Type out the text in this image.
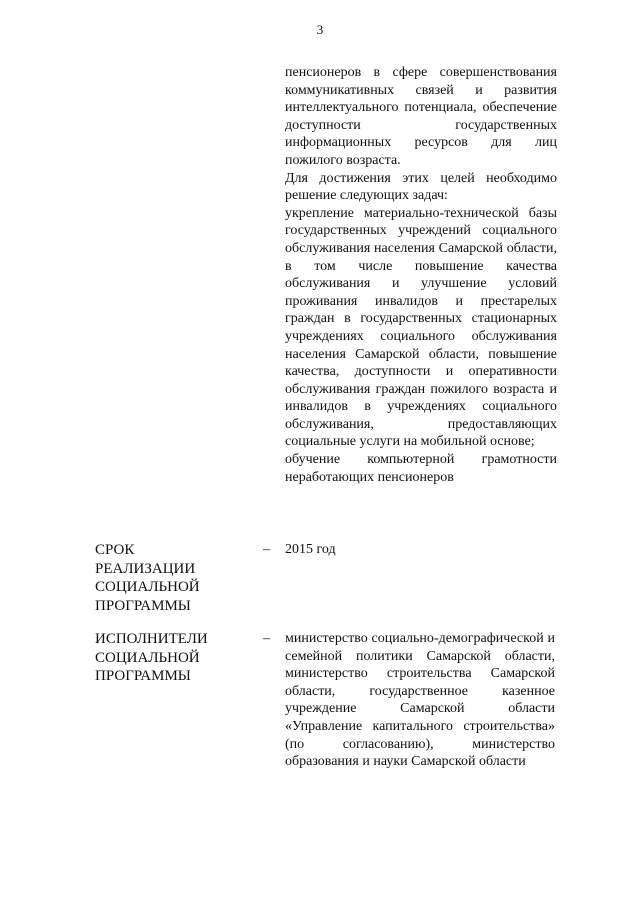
3

пенсионеров в сфере совершенствования коммуникативных связей и развития интеллектуального потенциала, обеспечение доступности государственных информационных ресурсов для лиц пожилого возраста.

Для достижения этих целей необходимо решение следующих задач:

укрепление материально-технической базы государственных учреждений социального обслуживания населения Самарской области, в том числе повышение качества обслуживания и улучшение условий проживания инвалидов и престарелых граждан в государственных стационарных учреждениях социального обслуживания населения Самарской области, повышение качества, доступности и оперативности обслуживания граждан пожилого возраста и инвалидов в учреждениях социального обслуживания, предоставляющих социальные услуги на мобильной основе;

обучение компьютерной грамотности неработающих пенсионеров

СРОК
РЕАЛИЗАЦИИ
СОЦИАЛЬНОЙ
ПРОГРАММЫ
– 2015 год
ИСПОЛНИТЕЛИ
СОЦИАЛЬНОЙ
ПРОГРАММЫ
– министерство социально-демографической и семейной политики Самарской области, министерство строительства Самарской области, государственное казенное учреждение Самарской области «Управление капитального строительства» (по согласованию), министерство образования и науки Самарской области
